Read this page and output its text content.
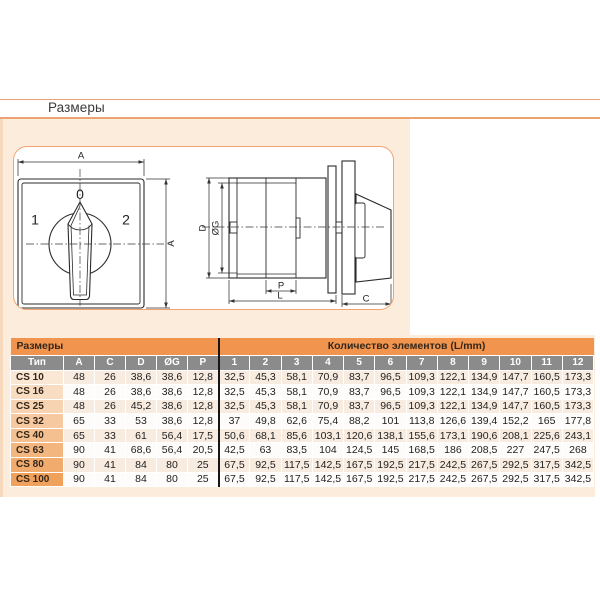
Размеры
A
A
0
1	2
D ØG
P
L	C
Размеры						Количество элементов (L/mm)											
Тип	A	C	D	ØG	P	1	2	3	4	5	6	7	8	9	10	11	12
CS 10	48	26	38,6	38,6	12,8	32,5	45,3	58,1	70,9	83,7	96,5	109,3	122,1	134,9	147,7	160,5	173,3
CS 16	48	26	38,6	38,6	12,8	32,5	45,3	58,1	70,9	83,7	96,5	109,3	122,1	134,9	147,7	160,5	173,3
CS 25	48	26	45,2	38,6	12,8	32,5	45,3	58,1	70,9	83,7	96,5	109,3	122,1	134,9	147,7	160,5	173,3
CS 32	65	33	53	38,6	12,8	37	49,8	62,6	75,4	88,2	101	113,8	126,6	139,4	152,2	165	177,8
CS 40	65	33	61	56,4	17,5	50,6	68,1	85,6	103,1	120,6	138,1	155,6	173,1	190,6	208,1	225,6	243,1
CS 63	90	41	68,6	56,4	20,5	42,5	63	83,5	104	124,5	145	168,5	186	208,5	227	247,5	268
CS 80	90	41	84	80	25	67,5	92,5	117,5	142,5	167,5	192,5	217,5	242,5	267,5	292,5	317,5	342,5
CS 100	90	41	84	80	25	67,5	92,5	117,5	142,5	167,5	192,5	217,5	242,5	267,5	292,5	317,5	342,5
